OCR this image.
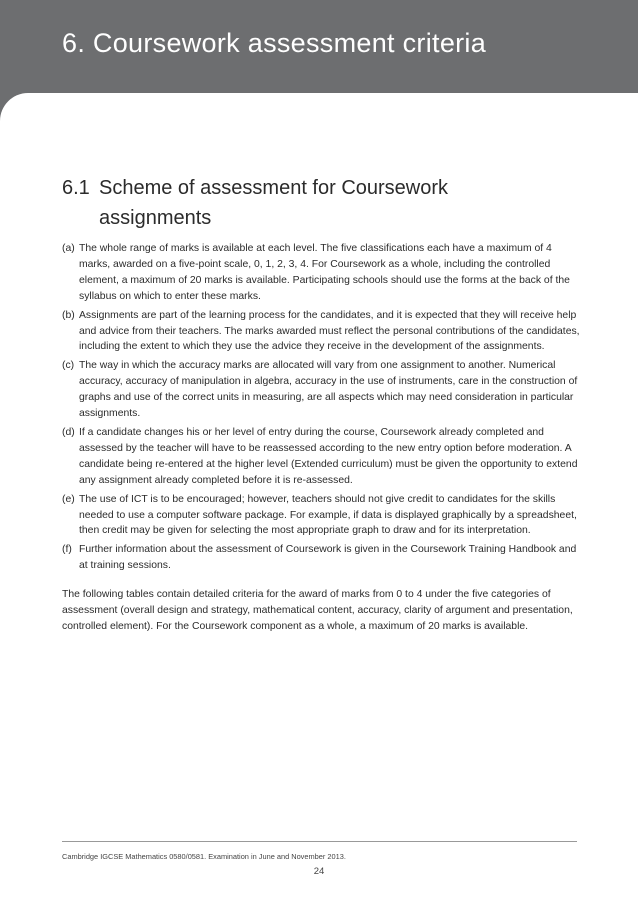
6. Coursework assessment criteria
6.1 Scheme of assessment for Coursework assignments
(a) The whole range of marks is available at each level. The five classifications each have a maximum of 4 marks, awarded on a five-point scale, 0, 1, 2, 3, 4. For Coursework as a whole, including the controlled element, a maximum of 20 marks is available. Participating schools should use the forms at the back of the syllabus on which to enter these marks.
(b) Assignments are part of the learning process for the candidates, and it is expected that they will receive help and advice from their teachers. The marks awarded must reflect the personal contributions of the candidates, including the extent to which they use the advice they receive in the development of the assignments.
(c) The way in which the accuracy marks are allocated will vary from one assignment to another. Numerical accuracy, accuracy of manipulation in algebra, accuracy in the use of instruments, care in the construction of graphs and use of the correct units in measuring, are all aspects which may need consideration in particular assignments.
(d) If a candidate changes his or her level of entry during the course, Coursework already completed and assessed by the teacher will have to be reassessed according to the new entry option before moderation. A candidate being re-entered at the higher level (Extended curriculum) must be given the opportunity to extend any assignment already completed before it is re-assessed.
(e) The use of ICT is to be encouraged; however, teachers should not give credit to candidates for the skills needed to use a computer software package. For example, if data is displayed graphically by a spreadsheet, then credit may be given for selecting the most appropriate graph to draw and for its interpretation.
(f) Further information about the assessment of Coursework is given in the Coursework Training Handbook and at training sessions.

The following tables contain detailed criteria for the award of marks from 0 to 4 under the five categories of assessment (overall design and strategy, mathematical content, accuracy, clarity of argument and presentation, controlled element). For the Coursework component as a whole, a maximum of 20 marks is available.

Cambridge IGCSE Mathematics 0580/0581. Examination in June and November 2013.
24
